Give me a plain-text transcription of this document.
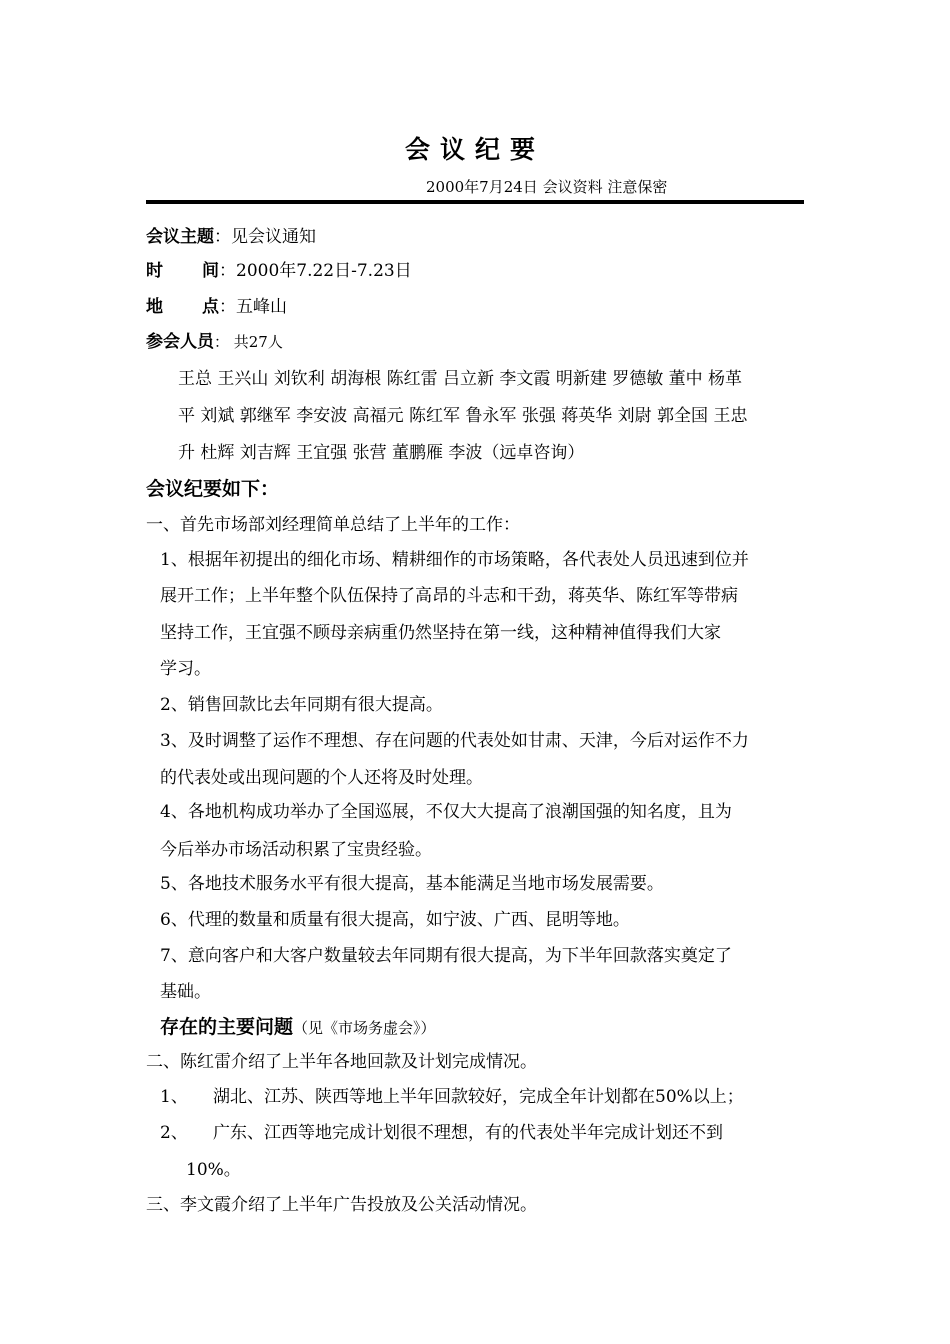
会议纪要
2000年7月24日 会议资料 注意保密
会议主题：见会议通知
时 间：2000年7.22日-7.23日
地 点：五峰山
参会人员： 共27人
王总 王兴山 刘钦利 胡海根 陈红雷 吕立新 李文霞 明新建 罗德敏 董中 杨革
平 刘斌 郭继军 李安波 高福元 陈红军 鲁永军 张强 蒋英华 刘尉 郭全国 王忠
升 杜辉 刘吉辉 王宜强 张营 董鹏雁 李波（远卓咨询）
会议纪要如下：
一、首先市场部刘经理简单总结了上半年的工作：
1、根据年初提出的细化市场、精耕细作的市场策略，各代表处人员迅速到位并
展开工作；上半年整个队伍保持了高昂的斗志和干劲，蒋英华、陈红军等带病
坚持工作，王宜强不顾母亲病重仍然坚持在第一线，这种精神值得我们大家
学习。
2、销售回款比去年同期有很大提高。
3、及时调整了运作不理想、存在问题的代表处如甘肃、天津，今后对运作不力
的代表处或出现问题的个人还将及时处理。
4、各地机构成功举办了全国巡展，不仅大大提高了浪潮国强的知名度，且为
今后举办市场活动积累了宝贵经验。
5、各地技术服务水平有很大提高，基本能满足当地市场发展需要。
6、代理的数量和质量有很大提高，如宁波、广西、昆明等地。
7、意向客户和大客户数量较去年同期有很大提高，为下半年回款落实奠定了
基础。
存在的主要问题（见《市场务虚会》）
二、陈红雷介绍了上半年各地回款及计划完成情况。
1、 湖北、江苏、陕西等地上半年回款较好，完成全年计划都在50%以上；
2、 广东、江西等地完成计划很不理想，有的代表处半年完成计划还不到
10%。
三、李文霞介绍了上半年广告投放及公关活动情况。
